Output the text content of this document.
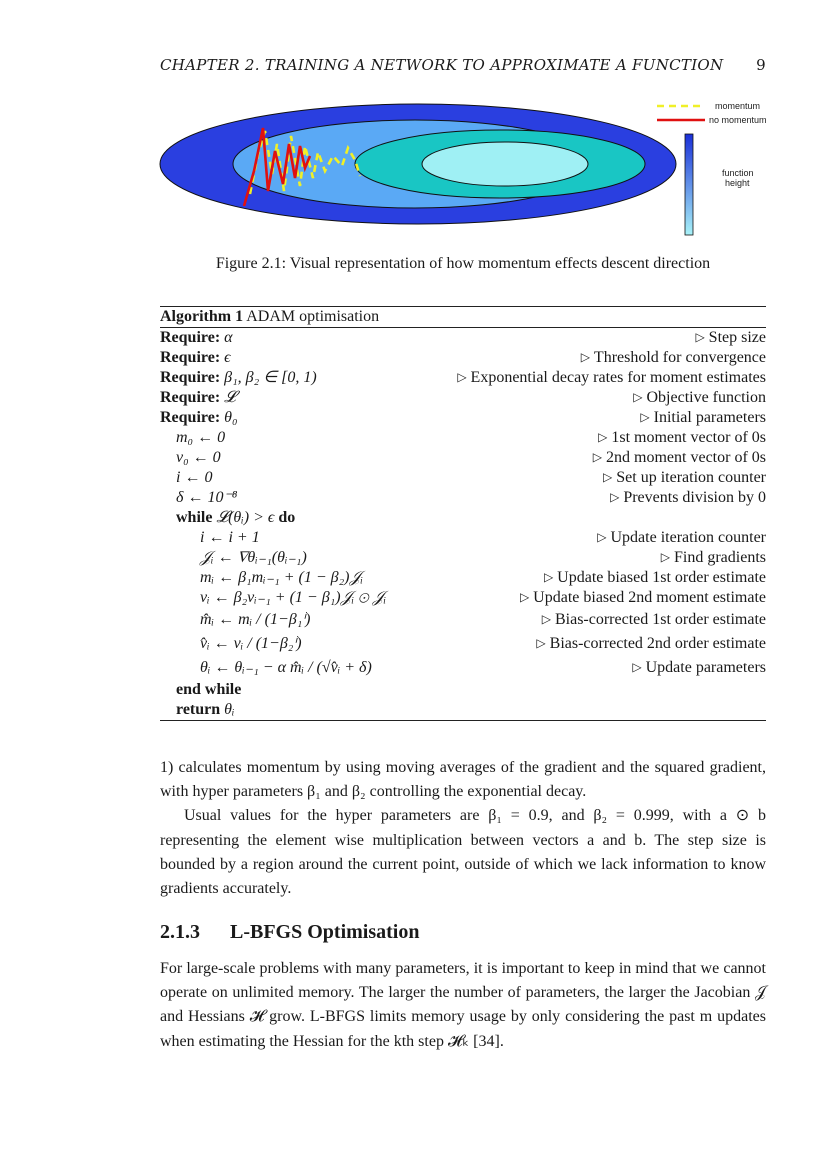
CHAPTER 2. TRAINING A NETWORK TO APPROXIMATE A FUNCTION 9
momentum
no momentum
function
height
Figure 2.1: Visual representation of how momentum effects descent direction
Algorithm 1 ADAM optimisation
Require: α	▷ Step size
Require: ϵ	▷ Threshold for convergence
Require: β₁, β₂ ∈ [0, 1)	▷ Exponential decay rates for moment estimates
Require: 𝓛	▷ Objective function
Require: θ₀	▷ Initial parameters
m₀ ← 0	▷ 1st moment vector of 0s
v₀ ← 0	▷ 2nd moment vector of 0s
i ← 0	▷ Set up iteration counter
δ ← 10⁻⁸	▷ Prevents division by 0
while 𝓛(θᵢ) > ϵ do
i ← i + 1	▷ Update iteration counter
𝒥ᵢ ← ∇θᵢ₋₁(θᵢ₋₁)	▷ Find gradients
mᵢ ← β₁mᵢ₋₁ + (1 − β₂)𝒥ᵢ	▷ Update biased 1st order estimate
vᵢ ← β₂vᵢ₋₁ + (1 − β₁)𝒥ᵢ ⊙ 𝒥ᵢ	▷ Update biased 2nd moment estimate
m̂ᵢ ← mᵢ / (1−β₁ⁱ)	▷ Bias-corrected 1st order estimate
v̂ᵢ ← vᵢ / (1−β₂ⁱ)	▷ Bias-corrected 2nd order estimate
θᵢ ← θᵢ₋₁ − α m̂ᵢ / (√v̂ᵢ + δ)	▷ Update parameters
end while
return θᵢ

1) calculates momentum by using moving averages of the gradient and the squared gradient, with hyper parameters β₁ and β₂ controlling the exponential decay.

Usual values for the hyper parameters are β₁ = 0.9, and β₂ = 0.999, with a ⊙ b representing the element wise multiplication between vectors a and b. The step size is bounded by a region around the current point, outside of which we lack information to know gradients accurately.

2.1.3 L-BFGS Optimisation

For large-scale problems with many parameters, it is important to keep in mind that we cannot operate on unlimited memory. The larger the number of parameters, the larger the Jacobian 𝒥 and Hessians 𝓗 grow. L-BFGS limits memory usage by only considering the past m updates when estimating the Hessian for the kth step 𝓗ₖ [34].
